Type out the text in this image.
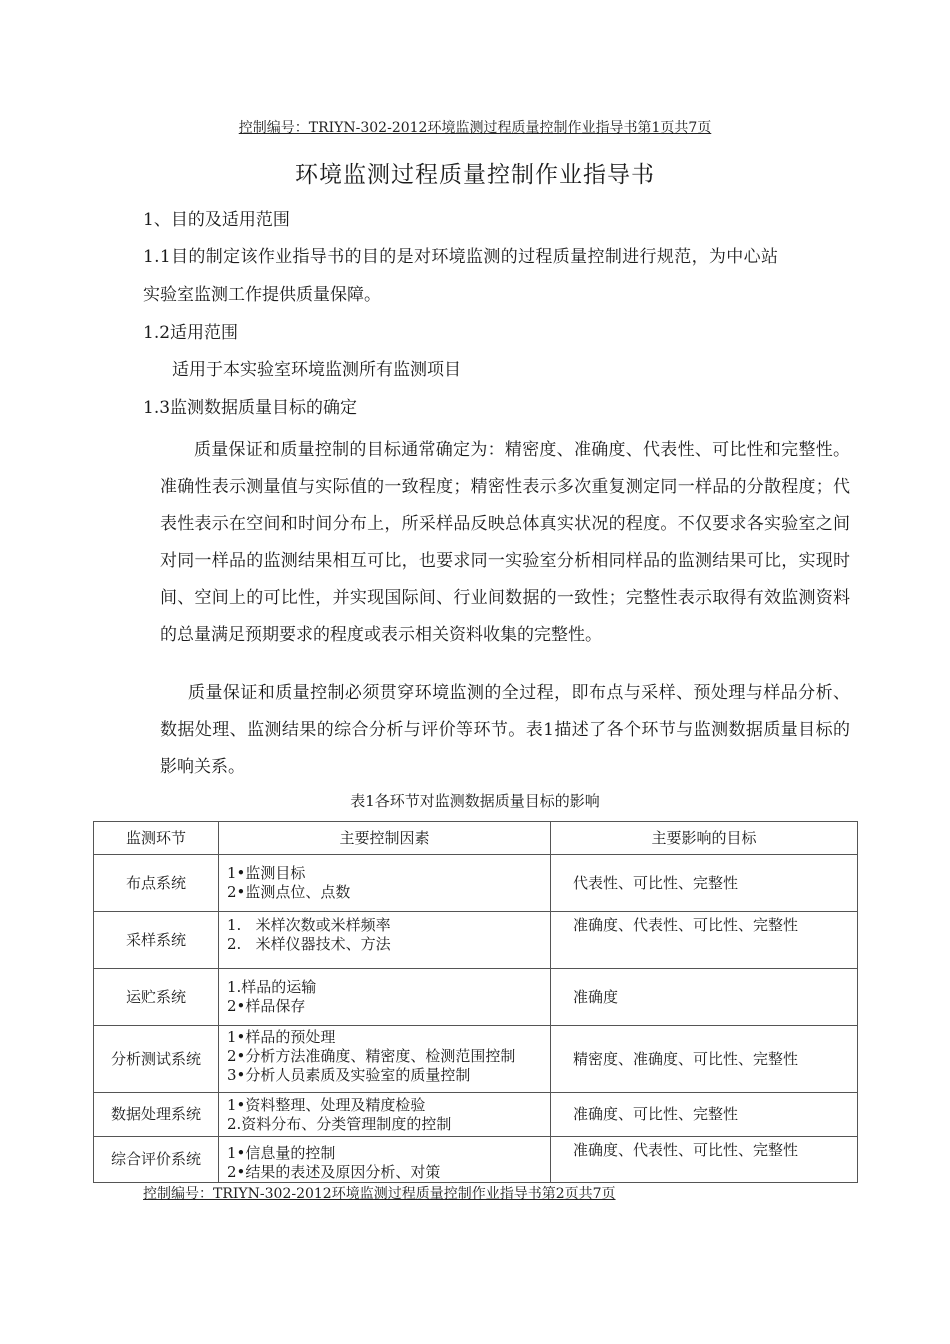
控制编号：TRIYN-302-2012环境监测过程质量控制作业指导书第1页共7页
环境监测过程质量控制作业指导书
1、目的及适用范围
1.1目的制定该作业指导书的目的是对环境监测的过程质量控制进行规范，为中心站
实验室监测工作提供质量保障。
1.2适用范围
适用于本实验室环境监测所有监测项目
1.3监测数据质量目标的确定
质量保证和质量控制的目标通常确定为：精密度、准确度、代表性、可比性和完整性。准确性表示测量值与实际值的一致程度；精密性表示多次重复测定同一样品的分散程度；代表性表示在空间和时间分布上，所采样品反映总体真实状况的程度。不仅要求各实验室之间对同一样品的监测结果相互可比，也要求同一实验室分析相同样品的监测结果可比，实现时间、空间上的可比性，并实现国际间、行业间数据的一致性；完整性表示取得有效监测资料的总量满足预期要求的程度或表示相关资料收集的完整性。
质量保证和质量控制必须贯穿环境监测的全过程，即布点与采样、预处理与样品分析、数据处理、监测结果的综合分析与评价等环节。表1描述了各个环节与监测数据质量目标的影响关系。
表1各环节对监测数据质量目标的影响
监测环节	主要控制因素	主要影响的目标
布点系统	1•监测目标
2•监测点位、点数	代表性、可比性、完整性
采样系统	1.   米样次数或米样频率
2.   米样仪器技术、方法	准确度、代表性、可比性、完整性
运贮系统	1.样品的运输
2•样品保存	准确度
分析测试系统	1•样品的预处理
2•分析方法准确度、精密度、检测范围控制
3•分析人员素质及实验室的质量控制	精密度、准确度、可比性、完整性
数据处理系统	1•资料整理、处理及精度检验
2.资料分布、分类管理制度的控制	准确度、可比性、完整性
综合评价系统	1•信息量的控制
2•结果的表述及原因分析、对策	准确度、代表性、可比性、完整性
控制编号：TRIYN-302-2012环境监测过程质量控制作业指导书第2页共7页
